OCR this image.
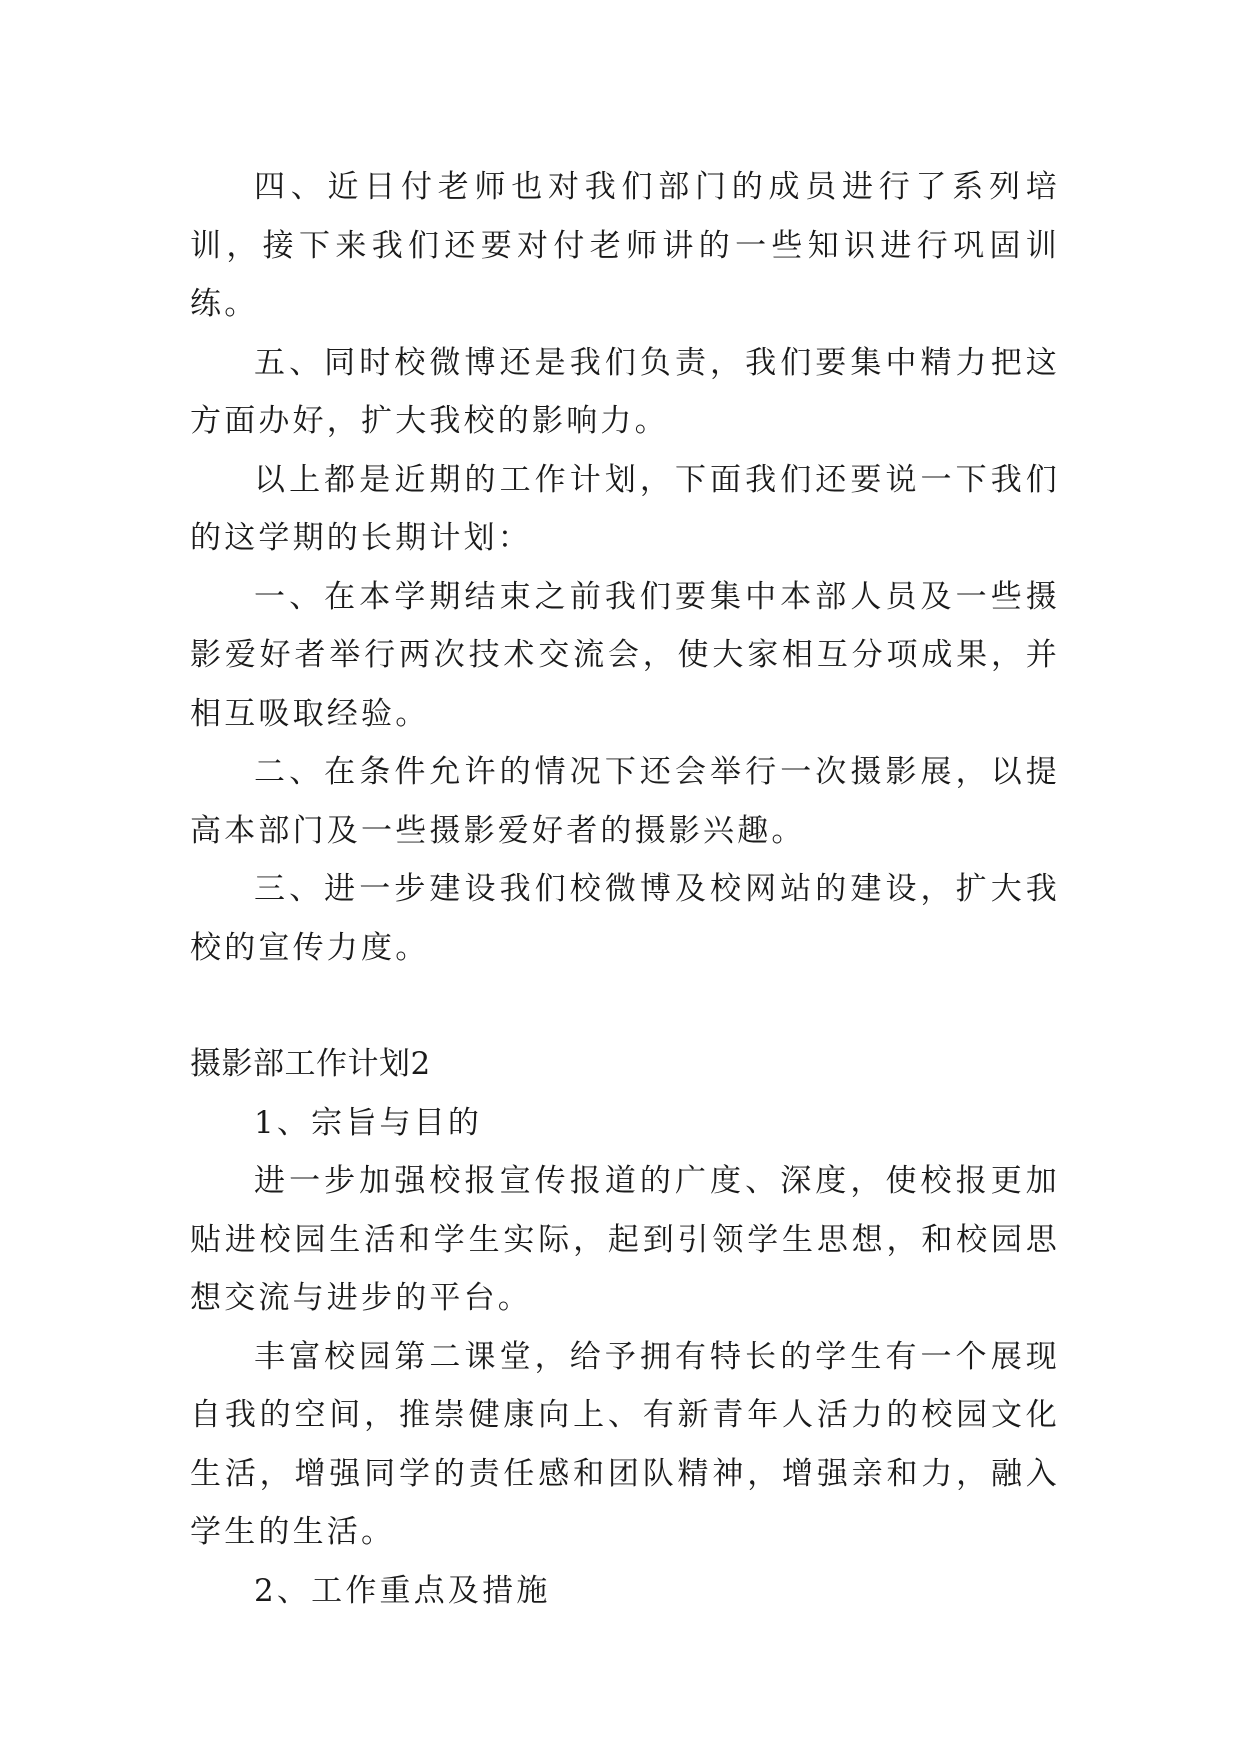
四、近日付老师也对我们部门的成员进行了系列培训，接下来我们还要对付老师讲的一些知识进行巩固训练。

五、同时校微博还是我们负责，我们要集中精力把这方面办好，扩大我校的影响力。

以上都是近期的工作计划，下面我们还要说一下我们的这学期的长期计划：

一、在本学期结束之前我们要集中本部人员及一些摄影爱好者举行两次技术交流会，使大家相互分项成果，并相互吸取经验。

二、在条件允许的情况下还会举行一次摄影展，以提高本部门及一些摄影爱好者的摄影兴趣。

三、进一步建设我们校微博及校网站的建设，扩大我校的宣传力度。

摄影部工作计划2

1、宗旨与目的

进一步加强校报宣传报道的广度、深度，使校报更加贴进校园生活和学生实际，起到引领学生思想，和校园思想交流与进步的平台。

丰富校园第二课堂，给予拥有特长的学生有一个展现自我的空间，推崇健康向上、有新青年人活力的校园文化生活，增强同学的责任感和团队精神，增强亲和力，融入学生的生活。

2、工作重点及措施
